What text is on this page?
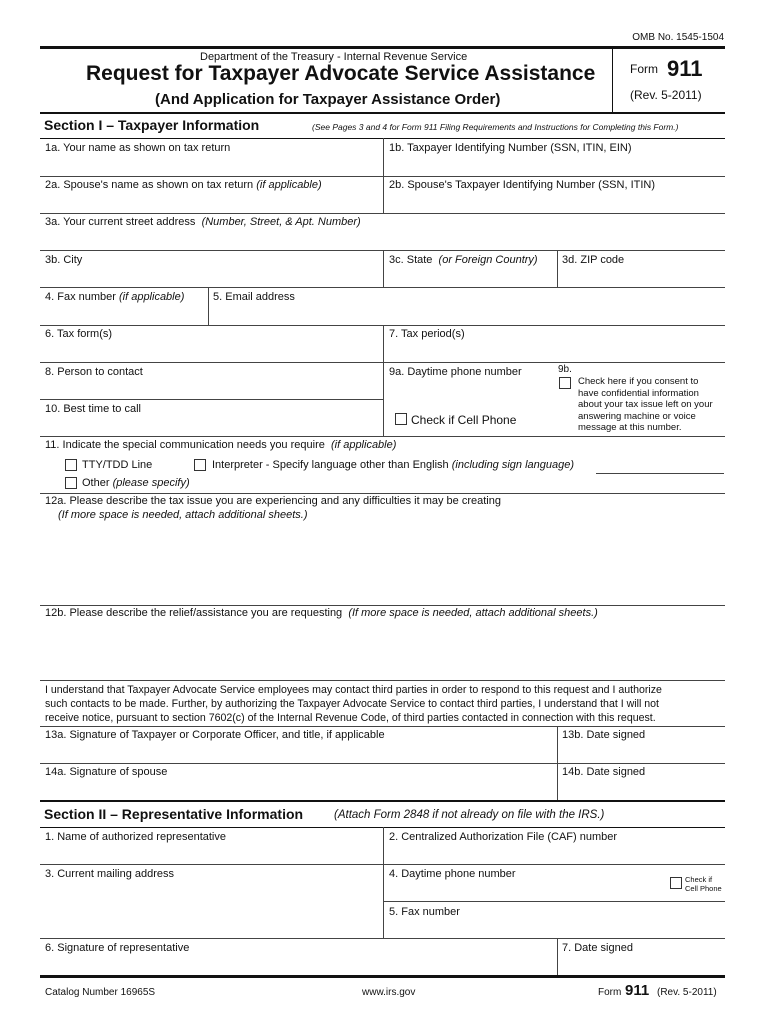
OMB No. 1545-1504
Department of the Treasury - Internal Revenue Service
Request for Taxpayer Advocate Service Assistance
(And Application for Taxpayer Assistance Order)
Form 911
(Rev. 5-2011)
Section I – Taxpayer Information	(See Pages 3 and 4 for Form 911 Filing Requirements and Instructions for Completing this Form.)
1a. Your name as shown on tax return	1b. Taxpayer Identifying Number (SSN, ITIN, EIN)
2a. Spouse's name as shown on tax return (if applicable)	2b. Spouse's Taxpayer Identifying Number (SSN, ITIN)
3a. Your current street address (Number, Street, & Apt. Number)
3b. City	3c. State (or Foreign Country) 3d. ZIP code
4. Fax number (if applicable)	5. Email address
6. Tax form(s)	7. Tax period(s)
8. Person to contact
10. Best time to call
9a. Daytime phone number
Check if Cell Phone
9b.
Check here if you consent to
have confidential information
about your tax issue left on your
answering machine or voice
message at this number.
11. Indicate the special communication needs you require (if applicable)
TTY/TDD Line	Interpreter - Specify language other than English (including sign language)
Other (please specify)
12a. Please describe the tax issue you are experiencing and any difficulties it may be creating
(If more space is needed, attach additional sheets.)
12b. Please describe the relief/assistance you are requesting (If more space is needed, attach additional sheets.)
I understand that Taxpayer Advocate Service employees may contact third parties in order to respond to this request and I authorize
such contacts to be made. Further, by authorizing the Taxpayer Advocate Service to contact third parties, I understand that I will not
receive notice, pursuant to section 7602(c) of the Internal Revenue Code, of third parties contacted in connection with this request.
13a. Signature of Taxpayer or Corporate Officer, and title, if applicable	13b. Date signed
14a. Signature of spouse	14b. Date signed
Section II – Representative Information	(Attach Form 2848 if not already on file with the IRS.)
1. Name of authorized representative	2. Centralized Authorization File (CAF) number
3. Current mailing address	4. Daytime phone number	Check if
Cell Phone
5. Fax number
6. Signature of representative	7. Date signed
Catalog Number 16965S	www.irs.gov	Form 911 (Rev. 5-2011)
